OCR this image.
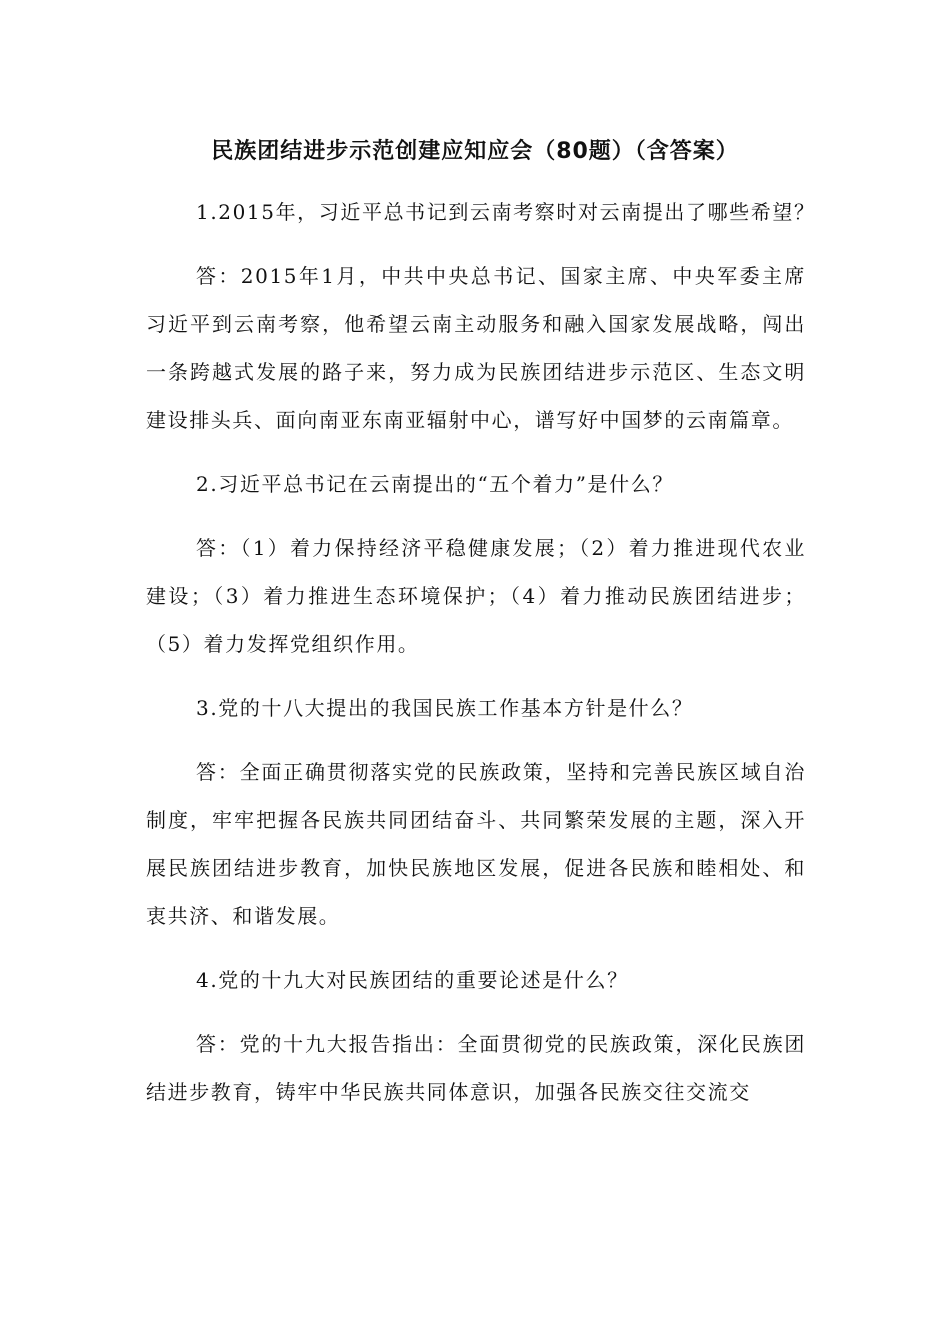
民族团结进步示范创建应知应会（80题）（含答案）

1.2015年，习近平总书记到云南考察时对云南提出了哪些希望？

答：2015年1月，中共中央总书记、国家主席、中央军委主席习近平到云南考察，他希望云南主动服务和融入国家发展战略，闯出一条跨越式发展的路子来，努力成为民族团结进步示范区、生态文明建设排头兵、面向南亚东南亚辐射中心，谱写好中国梦的云南篇章。

2.习近平总书记在云南提出的“五个着力”是什么？

答：（1）着力保持经济平稳健康发展；（2）着力推进现代农业建设；（3）着力推进生态环境保护；（4）着力推动民族团结进步；（5）着力发挥党组织作用。

3.党的十八大提出的我国民族工作基本方针是什么？

答：全面正确贯彻落实党的民族政策，坚持和完善民族区域自治制度，牢牢把握各民族共同团结奋斗、共同繁荣发展的主题，深入开展民族团结进步教育，加快民族地区发展，促进各民族和睦相处、和衷共济、和谐发展。

4.党的十九大对民族团结的重要论述是什么？

答：党的十九大报告指出：全面贯彻党的民族政策，深化民族团结进步教育，铸牢中华民族共同体意识，加强各民族交往交流交
